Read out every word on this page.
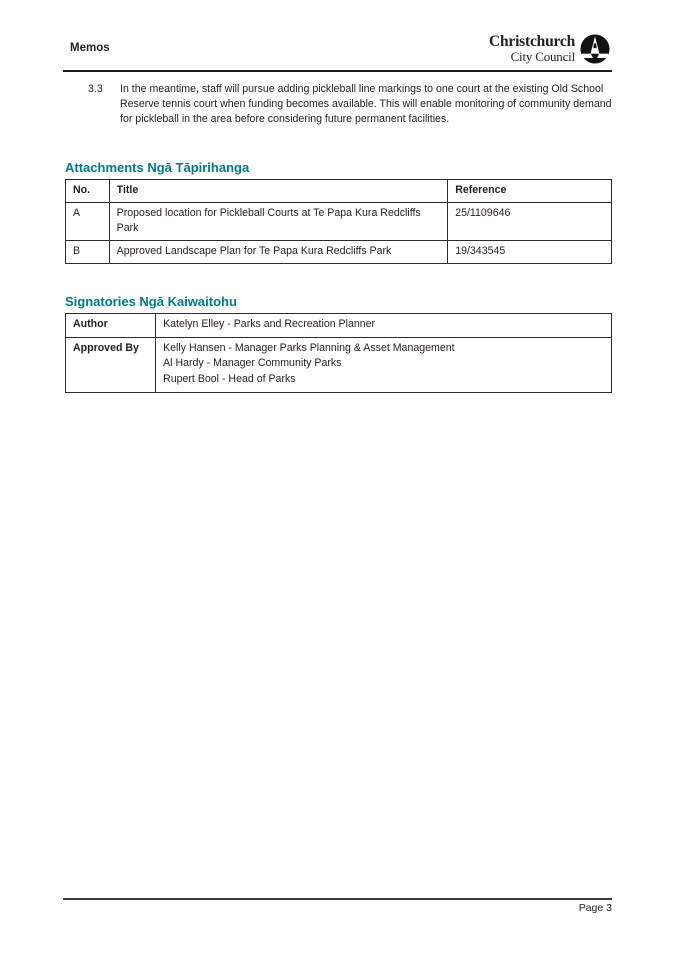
Memos	Christchurch
City Council
3.3	In the meantime, staff will pursue adding pickleball line markings to one court at the existing Old School Reserve tennis court when funding becomes available. This will enable monitoring of community demand for pickleball in the area before considering future permanent facilities.

Attachments Ngā Tāpirihanga
No.	Title	Reference
A	Proposed location for Pickleball Courts at Te Papa Kura Redcliffs Park	25/1109646
B	Approved Landscape Plan for Te Papa Kura Redcliffs Park	19/343545
Signatories Ngā Kaiwaitohu
Author	Katelyn Elley - Parks and Recreation Planner

Approved By	Kelly Hansen - Manager Parks Planning & Asset Management
Al Hardy - Manager Community Parks
Rupert Bool - Head of Parks
Page 3
